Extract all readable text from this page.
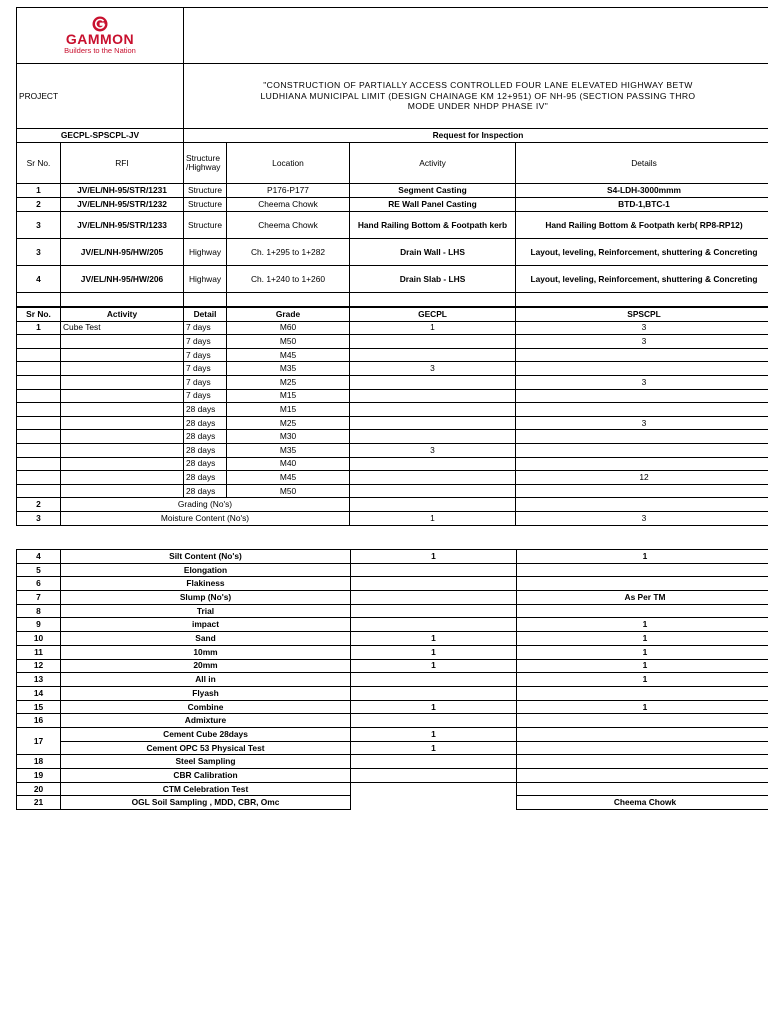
GAMMON
Builders to the Nation	

PROJECT	"CONSTRUCTION OF PARTIALLY ACCESS CONTROLLED FOUR LANE ELEVATED HIGHWAY BETW
LUDHIANA MUNICIPAL LIMIT (DESIGN CHAINAGE KM 12+951) OF NH-95 (SECTION PASSING THRO
MODE UNDER NHDP PHASE IV"
GECPL-SPSCPL-JV		Request for Inspection			
Sr No.	RFI	Structure /Highway	Location	Activity	Details
1	JV/EL/NH-95/STR/1231	Structure	P176-P177	Segment Casting	S4-LDH-3000mmm
2	JV/EL/NH-95/STR/1232	Structure	Cheema Chowk	RE Wall Panel Casting	BTD-1,BTC-1
3	JV/EL/NH-95/STR/1233	Structure	Cheema Chowk	Hand Railing Bottom & Footpath kerb	Hand Railing Bottom & Footpath kerb( RP8-RP12)
3	JV/EL/NH-95/HW/205	Highway	Ch. 1+295 to 1+282	Drain Wall - LHS	Layout, leveling, Reinforcement, shuttering & Concreting
4	JV/EL/NH-95/HW/206	Highway	Ch. 1+240 to 1+260	Drain Slab - LHS	Layout, leveling, Reinforcement, shuttering & Concreting

Sr No.	Activity	Detail	Grade	GECPL	SPSCPL
1	Cube Test	7 days	M60	1	3
		7 days	M50		3
		7 days	M45		
		7 days	M35	3	
		7 days	M25		3
		7 days	M15		
		28 days	M15		
		28 days	M25		3
		28 days	M30		
		28 days	M35	3	
		28 days	M40		
		28 days	M45		12
		28 days	M50		
2	Grading (No's)				
3	Moisture Content (No's)			1	3
4	Silt Content (No's)	1	1
5	Elongation		
6	Flakiness		
7	Slump (No's)		As Per TM
8	Trial		
9	impact		1
10	Sand	1	1
11	10mm	1	1
12	20mm	1	1
13	All in		1
14	Flyash		
15	Combine	1	1
16	Admixture		
17	Cement Cube 28days	1	
	Cement OPC 53 Physical Test	1	
18	Steel Sampling		
19	CBR Calibration		
20	CTM Celebration Test		
21	OGL Soil Sampling , MDD, CBR, Omc		Cheema Chowk
